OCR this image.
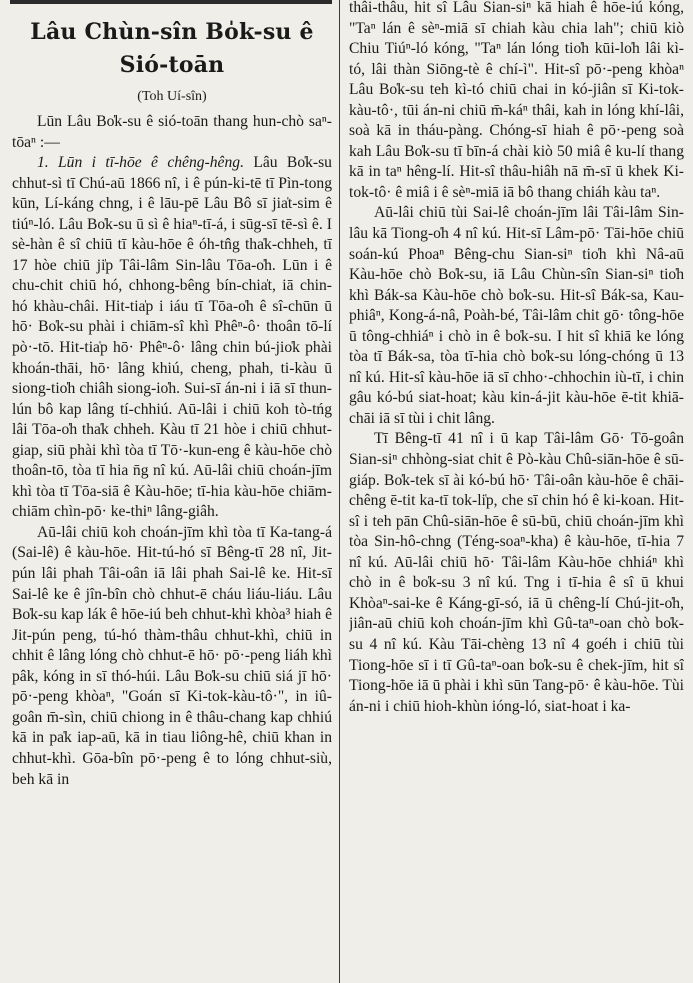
Lâu Chùn-sîn Bo̍k-su ê
Sió-toān
(Toh Uí-sîn)

Lūn Lâu Bo̍k-su ê sió-toān thang hun-chò saⁿ-tōaⁿ :—

1. Lūn i tī-hōe ê chêng-hêng. Lâu Bo̍k-su chhut-sì tī Chú-aū 1866 nî, i ê pún-ki-tē tī Pìn-tong kūn, Lí-káng chng, i ê lāu-pē Lâu Bô sī jia̍t-sim ê tiúⁿ-ló. Lâu Bo̍k-su ū sì ê hiaⁿ-tī-á, i sūg-sī tē-sì ê. I sè-hàn ê sî chiū tī kàu-hōe ê óh-tn̂g tha̍k-chheh, tī 17 hòe chiū ji̍p Tâi-lâm Sin-lâu Tōa-o̍h. Lūn i ê chu-chit chiū hó, chhong-bêng bín-chia̍t, iā chin-hó khàu-châi. Hit-tia̍p i iáu tī Tōa-o̍h ê sî-chūn ū hō· Bo̍k-su phài i chiām-sî khì Phêⁿ-ô· thoân tō-lí pò·-tō. Hit-tia̍p hō· Phêⁿ-ô· lâng chin bú-jio̍k phài khoán-thāi, hō· lâng khiú, cheng, phah, ti-kàu ū siong-tio̍h chiâh siong-io̍h. Sui-sī án-ni i iā sī thun-lún bô kap lâng tí-chhiú. Aū-lâi i chiū koh tò-tńg lâi Tōa-o̍h tha̍k chheh. Kàu tī 21 hòe i chiū chhut-giap, siū phài khì tòa tī Tō·-kun-eng ê kàu-hōe chò thoân-tō, tòa tī hia n̄g nî kú. Aū-lâi chiū choán-jīm khì tòa tī Tōa-siā ê Kàu-hōe; tī-hia kàu-hōe chiām-chiām chìn-pō· ke-thiⁿ lâng-giâh.

Aū-lâi chiū koh choán-jīm khì tòa tī Ka-tang-á (Sai-lê) ê kàu-hōe. Hit-tú-hó sī Bêng-tī 28 nî, Jit-pún lâi phah Tâi-oân iā lâi phah Sai-lê ke. Hit-sī Sai-lê ke ê jîn-bîn chò chhut-ē cháu liáu-liáu. Lâu Bo̍k-su kap lák ê hōe-iú beh chhut-khì khòa³ hiah ê Jit-pún peng, tú-hó thàm-thâu chhut-khì, chiū in chhit ê lâng lóng chò chhut-ē hō· pō·-peng liáh khì pâk, kóng in sī thó-húi. Lâu Bo̍k-su chiū siá jī hō· pō·-peng khòaⁿ, "Goán sī Ki-tok-kàu-tô·", in iû-goân m̄-sìn, chiū chiong in ê thâu-chang kap chhiú kā in pa̍k iap-aū, kā in tiau liông-hê, chiū khan in chhut-khì. Gōa-bîn pō·-peng ê to lóng chhut-siù, beh kā in

thâi-thâu, hit sî Lâu Sian-siⁿ kā hiah ê hōe-iú kóng, "Taⁿ lán ê sèⁿ-miā sī chiah kàu chia lah"; chiū kiò Chiu Tiúⁿ-ló kóng, "Taⁿ lán lóng tio̍h kūi-lo̍h lâi kì-tó, lâi thàn Siōng-tè ê chí-ì". Hit-sî pō·-peng khòaⁿ Lâu Bo̍k-su teh kì-tó chiū chai in kó-jiân sī Ki-tok-kàu-tô·, tūi án-ni chiū m̄-káⁿ thâi, kah in lóng khí-lâi, soà kā in tháu-pàng. Chóng-sī hiah ê pō·-peng soà kah Lâu Bo̍k-su tī bīn-á chài kiò 50 miâ ê ku-lí thang kā in taⁿ hêng-lí. Hit-sî thâu-hiâh nā m̄-sī ū khek Ki-tok-tô· ê miâ i ê sèⁿ-miā iā bô thang chiáh kàu taⁿ.

Aū-lâi chiū tùi Sai-lê choán-jīm lâi Tâi-lâm Sin-lâu kā Tiong-o̍h 4 nî kú. Hit-sī Lâm-pō· Tāi-hōe chiū soán-kú Phoaⁿ Bêng-chu Sian-siⁿ tio̍h khì Nâ-aū Kàu-hōe chò Bo̍k-su, iā Lâu Chùn-sîn Sian-siⁿ tio̍h khì Bák-sa Kàu-hōe chò bo̍k-su. Hit-sî Bák-sa, Kau-phiâⁿ, Kong-á-nâ, Poàh-bé, Tâi-lâm chit gō· tông-hōe ū tông-chhiáⁿ i chò in ê bo̍k-su. I hit sî khiā ke lóng tòa tī Bák-sa, tòa tī-hia chò bo̍k-su lóng-chóng ū 13 nî kú. Hit-sî kàu-hōe iā sī chho·-chhochin iù-tī, i chin gâu kó-bú siat-hoat; kàu kin-á-jit kàu-hōe ē-tit khiā-chāi iā sī tùi i chit lâng.

Tī Bêng-tī 41 nî i ū kap Tâi-lâm Gō· Tō-goân Sian-siⁿ chhòng-siat chit ê Pò-kàu Chû-siān-hōe ê sū-giáp. Bo̍k-tek sī ài kó-bú hō· Tâi-oân kàu-hōe ê chāi-chêng ē-tit ka-tī tok-li̍p, che sī chin hó ê ki-koan. Hit-sî i teh pān Chû-siān-hōe ê sū-bū, chiū choán-jīm khì tòa Sin-hô-chng (Téng-soaⁿ-kha) ê kàu-hōe, tī-hia 7 nî kú. Aū-lâi chiū hō· Tâi-lâm Kàu-hōe chhiáⁿ khì chò in ê bo̍k-su 3 nî kú. Tng i tī-hia ê sî ū khui Khòaⁿ-sai-ke ê Káng-gī-só, iā ū chêng-lí Chú-jit-o̍h, jiân-aū chiū koh choán-jīm khì Gû-taⁿ-oan chò bo̍k-su 4 nî kú. Kàu Tāi-chèng 13 nî 4 goéh i chiū tùi Tiong-hōe sī i tī Gû-taⁿ-oan bo̍k-su ê chek-jīm, hit sî Tiong-hōe iā ū phài i khì sūn Tang-pō· ê kàu-hōe. Tùi án-ni i chiū hioh-khùn ióng-ló, siat-hoat i ka-
